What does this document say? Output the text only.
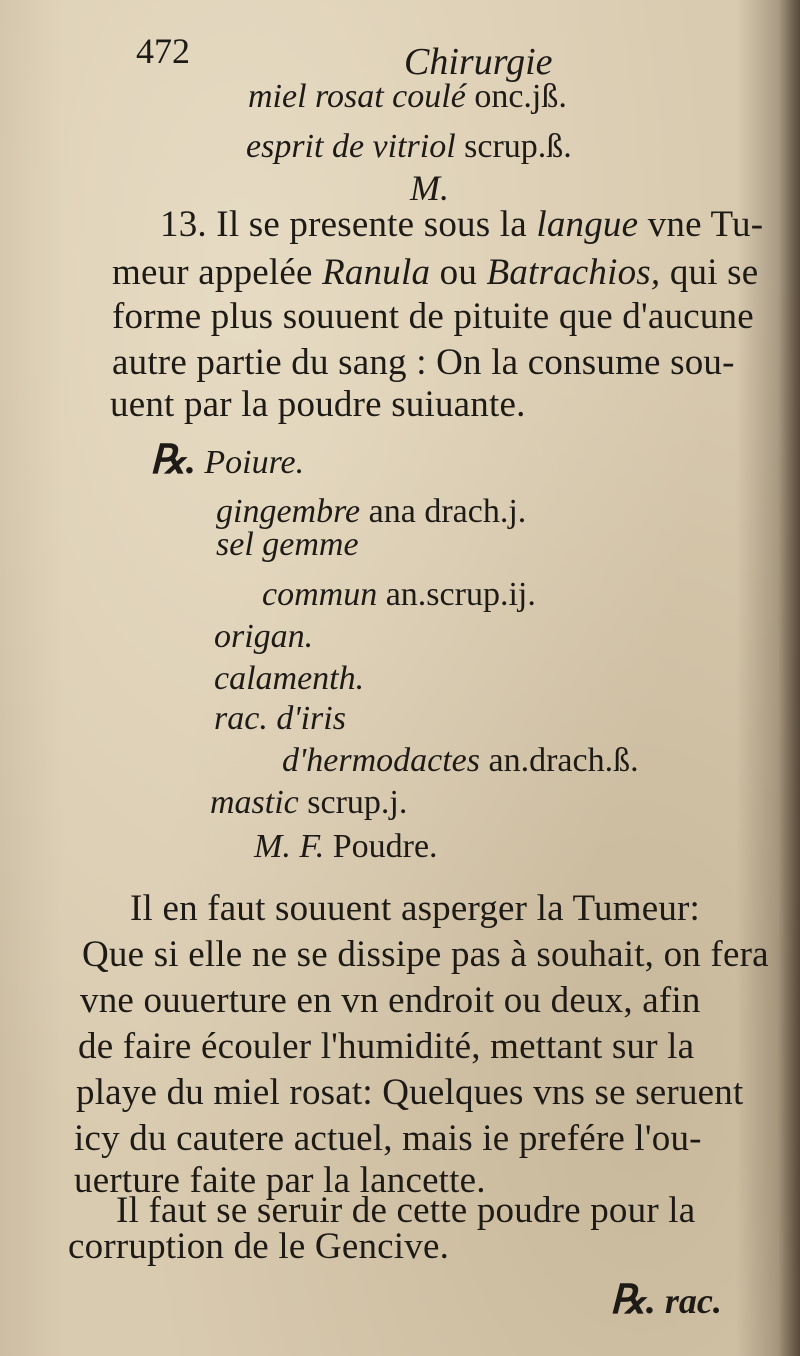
472	Chirurgie
miel rosat coulé onc.jß.
esprit de vitriol scrup.ß.
M.
13. Il se presente sous la langue vne Tu-
meur appelée Ranula ou Batrachios, qui se
forme plus souuent de pituite que d'aucune
autre partie du sang : On la consume sou-
uent par la poudre suiuante.
℞. Poiure.
gingembre ana drach.j.
sel gemme
commun an.scrup.ij.
origan.
calamenth.
rac. d'iris
d'hermodactes an.drach.ß.
mastic scrup.j.
M. F. Poudre.
Il en faut souuent asperger la Tumeur:
Que si elle ne se dissipe pas à souhait, on fera
vne ouuerture en vn endroit ou deux, afin
de faire écouler l'humidité, mettant sur la
playe du miel rosat: Quelques vns se seruent
icy du cautere actuel, mais ie preférе l'ou-
uerture faite par la lancette.
Il faut se seruir de cette poudre pour la
corruption de le Gencive.
℞. rac.
